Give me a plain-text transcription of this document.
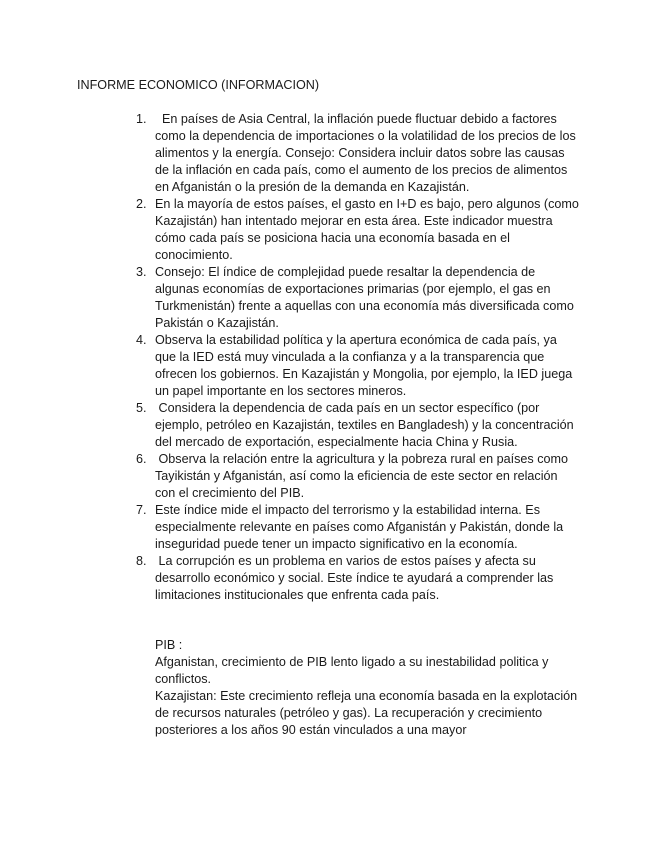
INFORME ECONOMICO (INFORMACION)
1. En países de Asia Central, la inflación puede fluctuar debido a factores como la dependencia de importaciones o la volatilidad de los precios de los alimentos y la energía. Consejo: Considera incluir datos sobre las causas de la inflación en cada país, como el aumento de los precios de alimentos en Afganistán o la presión de la demanda en Kazajistán.
2. En la mayoría de estos países, el gasto en I+D es bajo, pero algunos (como Kazajistán) han intentado mejorar en esta área. Este indicador muestra cómo cada país se posiciona hacia una economía basada en el conocimiento.
3. Consejo: El índice de complejidad puede resaltar la dependencia de algunas economías de exportaciones primarias (por ejemplo, el gas en Turkmenistán) frente a aquellas con una economía más diversificada como Pakistán o Kazajistán.
4. Observa la estabilidad política y la apertura económica de cada país, ya que la IED está muy vinculada a la confianza y a la transparencia que ofrecen los gobiernos. En Kazajistán y Mongolia, por ejemplo, la IED juega un papel importante en los sectores mineros.
5. Considera la dependencia de cada país en un sector específico (por ejemplo, petróleo en Kazajistán, textiles en Bangladesh) y la concentración del mercado de exportación, especialmente hacia China y Rusia.
6. Observa la relación entre la agricultura y la pobreza rural en países como Tayikistán y Afganistán, así como la eficiencia de este sector en relación con el crecimiento del PIB.
7. Este índice mide el impacto del terrorismo y la estabilidad interna. Es especialmente relevante en países como Afganistán y Pakistán, donde la inseguridad puede tener un impacto significativo en la economía.
8. La corrupción es un problema en varios de estos países y afecta su desarrollo económico y social. Este índice te ayudará a comprender las limitaciones institucionales que enfrenta cada país.

PIB :

Afganistan, crecimiento de PIB lento ligado a su inestabilidad politica y conflictos.

Kazajistan: Este crecimiento refleja una economía basada en la explotación de recursos naturales (petróleo y gas). La recuperación y crecimiento posteriores a los años 90 están vinculados a una mayor
